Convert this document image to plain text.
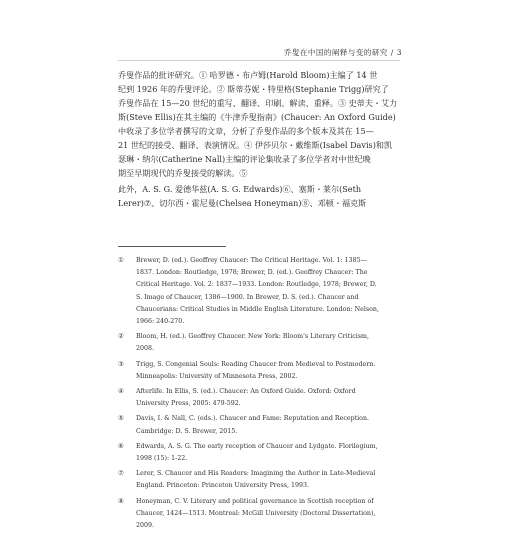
乔叟在中国的阐释与变的研究 / 3

乔叟作品的批评研究。① 哈罗德・布卢姆(Harold Bloom)主编了 14 世

纪到 1926 年的乔叟评论。② 斯蒂芬妮・特里格(Stephanie Trigg)研究了

乔叟作品在 15—20 世纪的重写、翻译、印刷、解读、重释。③ 史蒂夫・艾力

斯(Steve Ellis)在其主编的《牛津乔叟指南》(Chaucer: An Oxford Guide)

中收录了多位学者撰写的文章，分析了乔叟作品的多个版本及其在 15—

21 世纪的接受、翻译、表演情况。④ 伊莎贝尔・戴维斯(Isabel Davis)和凯

瑟琳・纳尔(Catherine Nall)主编的评论集收录了多位学者对中世纪晚

期至早期现代的乔叟接受的解读。⑤

此外，A. S. G. 爱德华兹(A. S. G. Edwards)⑥、塞斯・莱尔(Seth

Lerer)⑦、切尔西・霍尼曼(Chelsea Honeyman)⑧、邓顿・福克斯

①	Brewer, D. (ed.). Geoffrey Chaucer: The Critical Heritage. Vol. 1: 1385—
1837. London: Routledge, 1978; Brewer, D. (ed.). Geoffrey Chaucer: The
Critical Heritage. Vol. 2: 1837—1933. London: Routledge, 1978; Brewer, D.
S. Image of Chaucer, 1386—1900. In Brewer, D. S. (ed.). Chaucer and
Chaucerians: Critical Studies in Middle English Literature. London: Nelson,
1966: 240-270.
②	Bloom, H. (ed.). Geoffrey Chaucer. New York: Bloom's Literary Criticism,
2008.
③	Trigg, S. Congenial Souls: Reading Chaucer from Medieval to Postmodern.
Minneapolis: University of Minnesota Press, 2002.
④	Afterlife. In Ellis, S. (ed.). Chaucer: An Oxford Guide. Oxford: Oxford
University Press, 2005: 479-592.
⑤	Davis, I. & Nall, C. (eds.). Chaucer and Fame: Reputation and Reception.
Cambridge: D. S. Brewer, 2015.
⑥	Edwards, A. S. G. The early reception of Chaucer and Lydgate. Florilegium,
1998 (15): 1-22.
⑦	Lerer, S. Chaucer and His Readers: Imagining the Author in Late-Medieval
England. Princeton: Princeton University Press, 1993.
⑧	Honeyman, C. V. Literary and political governance in Scottish reception of
Chaucer, 1424—1513. Montreal: McGill University (Doctoral Dissertation),
2009.
